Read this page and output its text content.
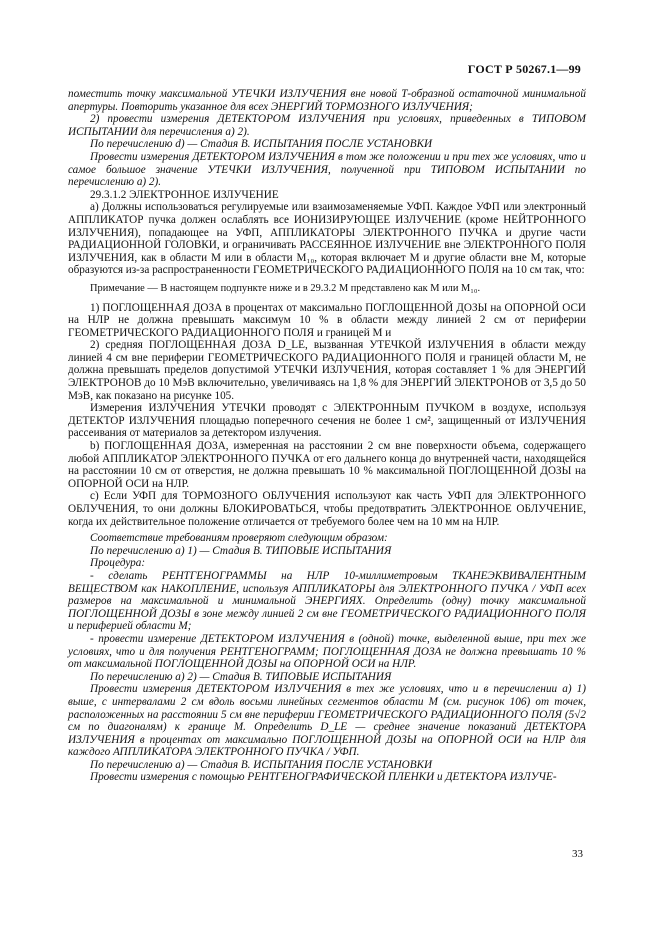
ГОСТ Р 50267.1—99

поместить точку максимальной УТЕЧКИ ИЗЛУЧЕНИЯ вне новой Т-образной остаточной минимальной апертуры. Повторить указанное для всех ЭНЕРГИЙ ТОРМОЗНОГО ИЗЛУЧЕНИЯ;

2) провести измерения ДЕТЕКТОРОМ ИЗЛУЧЕНИЯ при условиях, приведенных в ТИПОВОМ ИСПЫТАНИИ для перечисления а) 2).

По перечислению d) — Стадия В. ИСПЫТАНИЯ ПОСЛЕ УСТАНОВКИ

Провести измерения ДЕТЕКТОРОМ ИЗЛУЧЕНИЯ в том же положении и при тех же условиях, что и самое большое значение УТЕЧКИ ИЗЛУЧЕНИЯ, полученной при ТИПОВОМ ИСПЫТАНИИ по перечислению а) 2).

29.3.1.2 ЭЛЕКТРОННОЕ ИЗЛУЧЕНИЕ

а) Должны использоваться регулируемые или взаимозаменяемые УФП. Каждое УФП или электронный АППЛИКАТОР пучка должен ослаблять все ИОНИЗИРУЮЩЕЕ ИЗЛУЧЕНИЕ (кроме НЕЙТРОННОГО ИЗЛУЧЕНИЯ), попадающее на УФП, АППЛИКАТОРЫ ЭЛЕКТРОННОГО ПУЧКА и другие части РАДИАЦИОННОЙ ГОЛОВКИ, и ограничивать РАССЕЯННОЕ ИЗЛУЧЕНИЕ вне ЭЛЕКТРОННОГО ПОЛЯ ИЗЛУЧЕНИЯ, как в области М или в области М₁₀, которая включает М и другие области вне М, которые образуются из-за распространенности ГЕОМЕТРИЧЕСКОГО РАДИАЦИОННОГО ПОЛЯ на 10 см так, что:

Примечание — В настоящем подпункте ниже и в 29.3.2 М представлено как М или М₁₀.

1) ПОГЛОЩЕННАЯ ДОЗА в процентах от максимально ПОГЛОЩЕННОЙ ДОЗЫ на ОПОРНОЙ ОСИ на НЛР не должна превышать максимум 10 % в области между линией 2 см от периферии ГЕОМЕТРИЧЕСКОГО РАДИАЦИОННОГО ПОЛЯ и границей М и

2) средняя ПОГЛОЩЕННАЯ ДОЗА D_LE, вызванная УТЕЧКОЙ ИЗЛУЧЕНИЯ в области между линией 4 см вне периферии ГЕОМЕТРИЧЕСКОГО РАДИАЦИОННОГО ПОЛЯ и границей области М, не должна превышать пределов допустимой УТЕЧКИ ИЗЛУЧЕНИЯ, которая составляет 1 % для ЭНЕРГИЙ ЭЛЕКТРОНОВ до 10 МэВ включительно, увеличиваясь на 1,8 % для ЭНЕРГИЙ ЭЛЕКТРОНОВ от 3,5 до 50 МэВ, как показано на рисунке 105.

Измерения ИЗЛУЧЕНИЯ УТЕЧКИ проводят с ЭЛЕКТРОННЫМ ПУЧКОМ в воздухе, используя ДЕТЕКТОР ИЗЛУЧЕНИЯ площадью поперечного сечения не более 1 см², защищенный от ИЗЛУЧЕНИЯ рассеивания от материалов за детектором излучения.

b) ПОГЛОЩЕННАЯ ДОЗА, измеренная на расстоянии 2 см вне поверхности объема, содержащего любой АППЛИКАТОР ЭЛЕКТРОННОГО ПУЧКА от его дальнего конца до внутренней части, находящейся на расстоянии 10 см от отверстия, не должна превышать 10 % максимальной ПОГЛОЩЕННОЙ ДОЗЫ на ОПОРНОЙ ОСИ на НЛР.

с) Если УФП для ТОРМОЗНОГО ОБЛУЧЕНИЯ используют как часть УФП для ЭЛЕКТРОННОГО ОБЛУЧЕНИЯ, то они должны БЛОКИРОВАТЬСЯ, чтобы предотвратить ЭЛЕКТРОННОЕ ОБЛУЧЕНИЕ, когда их действительное положение отличается от требуемого более чем на 10 мм на НЛР.

Соответствие требованиям проверяют следующим образом:

По перечислению а) 1) — Стадия В. ТИПОВЫЕ ИСПЫТАНИЯ

Процедура:

- сделать РЕНТГЕНОГРАММЫ на НЛР 10-миллиметровым ТКАНЕЭКВИВАЛЕНТНЫМ ВЕЩЕСТВОМ как НАКОПЛЕНИЕ, используя АППЛИКАТОРЫ для ЭЛЕКТРОННОГО ПУЧКА / УФП всех размеров на максимальной и минимальной ЭНЕРГИЯХ. Определить (одну) точку максимальной ПОГЛОЩЕННОЙ ДОЗЫ в зоне между линией 2 см вне ГЕОМЕТРИЧЕСКОГО РАДИАЦИОННОГО ПОЛЯ и периферией области М;

- провести измерение ДЕТЕКТОРОМ ИЗЛУЧЕНИЯ в (одной) точке, выделенной выше, при тех же условиях, что и для получения РЕНТГЕНОГРАММ; ПОГЛОЩЕННАЯ ДОЗА не должна превышать 10 % от максимальной ПОГЛОЩЕННОЙ ДОЗЫ на ОПОРНОЙ ОСИ на НЛР.

По перечислению а) 2) — Стадия В. ТИПОВЫЕ ИСПЫТАНИЯ

Провести измерения ДЕТЕКТОРОМ ИЗЛУЧЕНИЯ в тех же условиях, что и в перечислении а) 1) выше, с интервалами 2 см вдоль восьми линейных сегментов области М (см. рисунок 106) от точек, расположенных на расстоянии 5 см вне периферии ГЕОМЕТРИЧЕСКОГО РАДИАЦИОННОГО ПОЛЯ (5√2 см по диагоналям) к границе М. Определить D_LE — среднее значение показаний ДЕТЕКТОРА ИЗЛУЧЕНИЯ в процентах от максимально ПОГЛОЩЕННОЙ ДОЗЫ на ОПОРНОЙ ОСИ на НЛР для каждого АППЛИКАТОРА ЭЛЕКТРОННОГО ПУЧКА / УФП.

По перечислению а) — Стадия В. ИСПЫТАНИЯ ПОСЛЕ УСТАНОВКИ

Провести измерения с помощью РЕНТГЕНОГРАФИЧЕСКОЙ ПЛЕНКИ и ДЕТЕКТОРА ИЗЛУЧЕ-

33
